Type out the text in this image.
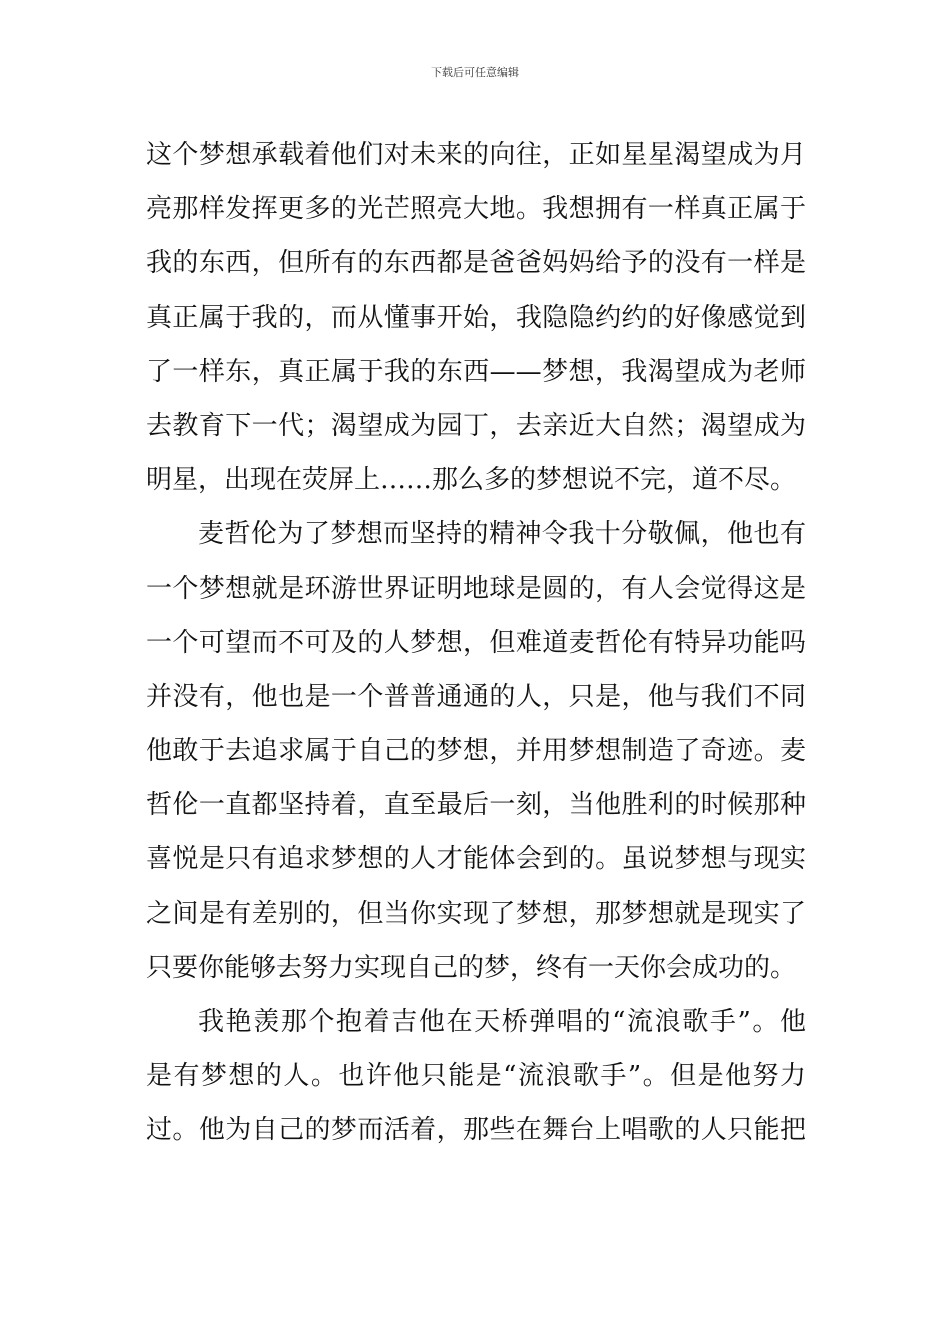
下载后可任意编辑
这个梦想承载着他们对未来的向往，正如星星渴望成为月
亮那样发挥更多的光芒照亮大地。我想拥有一样真正属于
我的东西，但所有的东西都是爸爸妈妈给予的没有一样是
真正属于我的，而从懂事开始，我隐隐约约的好像感觉到
了一样东，真正属于我的东西——梦想，我渴望成为老师
去教育下一代；渴望成为园丁，去亲近大自然；渴望成为
明星，出现在荧屏上……那么多的梦想说不完，道不尽。
麦哲伦为了梦想而坚持的精神令我十分敬佩，他也有
一个梦想就是环游世界证明地球是圆的，有人会觉得这是
一个可望而不可及的人梦想，但难道麦哲伦有特异功能吗
并没有，他也是一个普普通通的人，只是，他与我们不同
他敢于去追求属于自己的梦想，并用梦想制造了奇迹。麦
哲伦一直都坚持着，直至最后一刻，当他胜利的时候那种
喜悦是只有追求梦想的人才能体会到的。虽说梦想与现实
之间是有差别的，但当你实现了梦想，那梦想就是现实了
只要你能够去努力实现自己的梦，终有一天你会成功的。
我艳羡那个抱着吉他在天桥弹唱的“流浪歌手”。他
是有梦想的人。也许他只能是“流浪歌手”。但是他努力
过。他为自己的梦而活着，那些在舞台上唱歌的人只能把
